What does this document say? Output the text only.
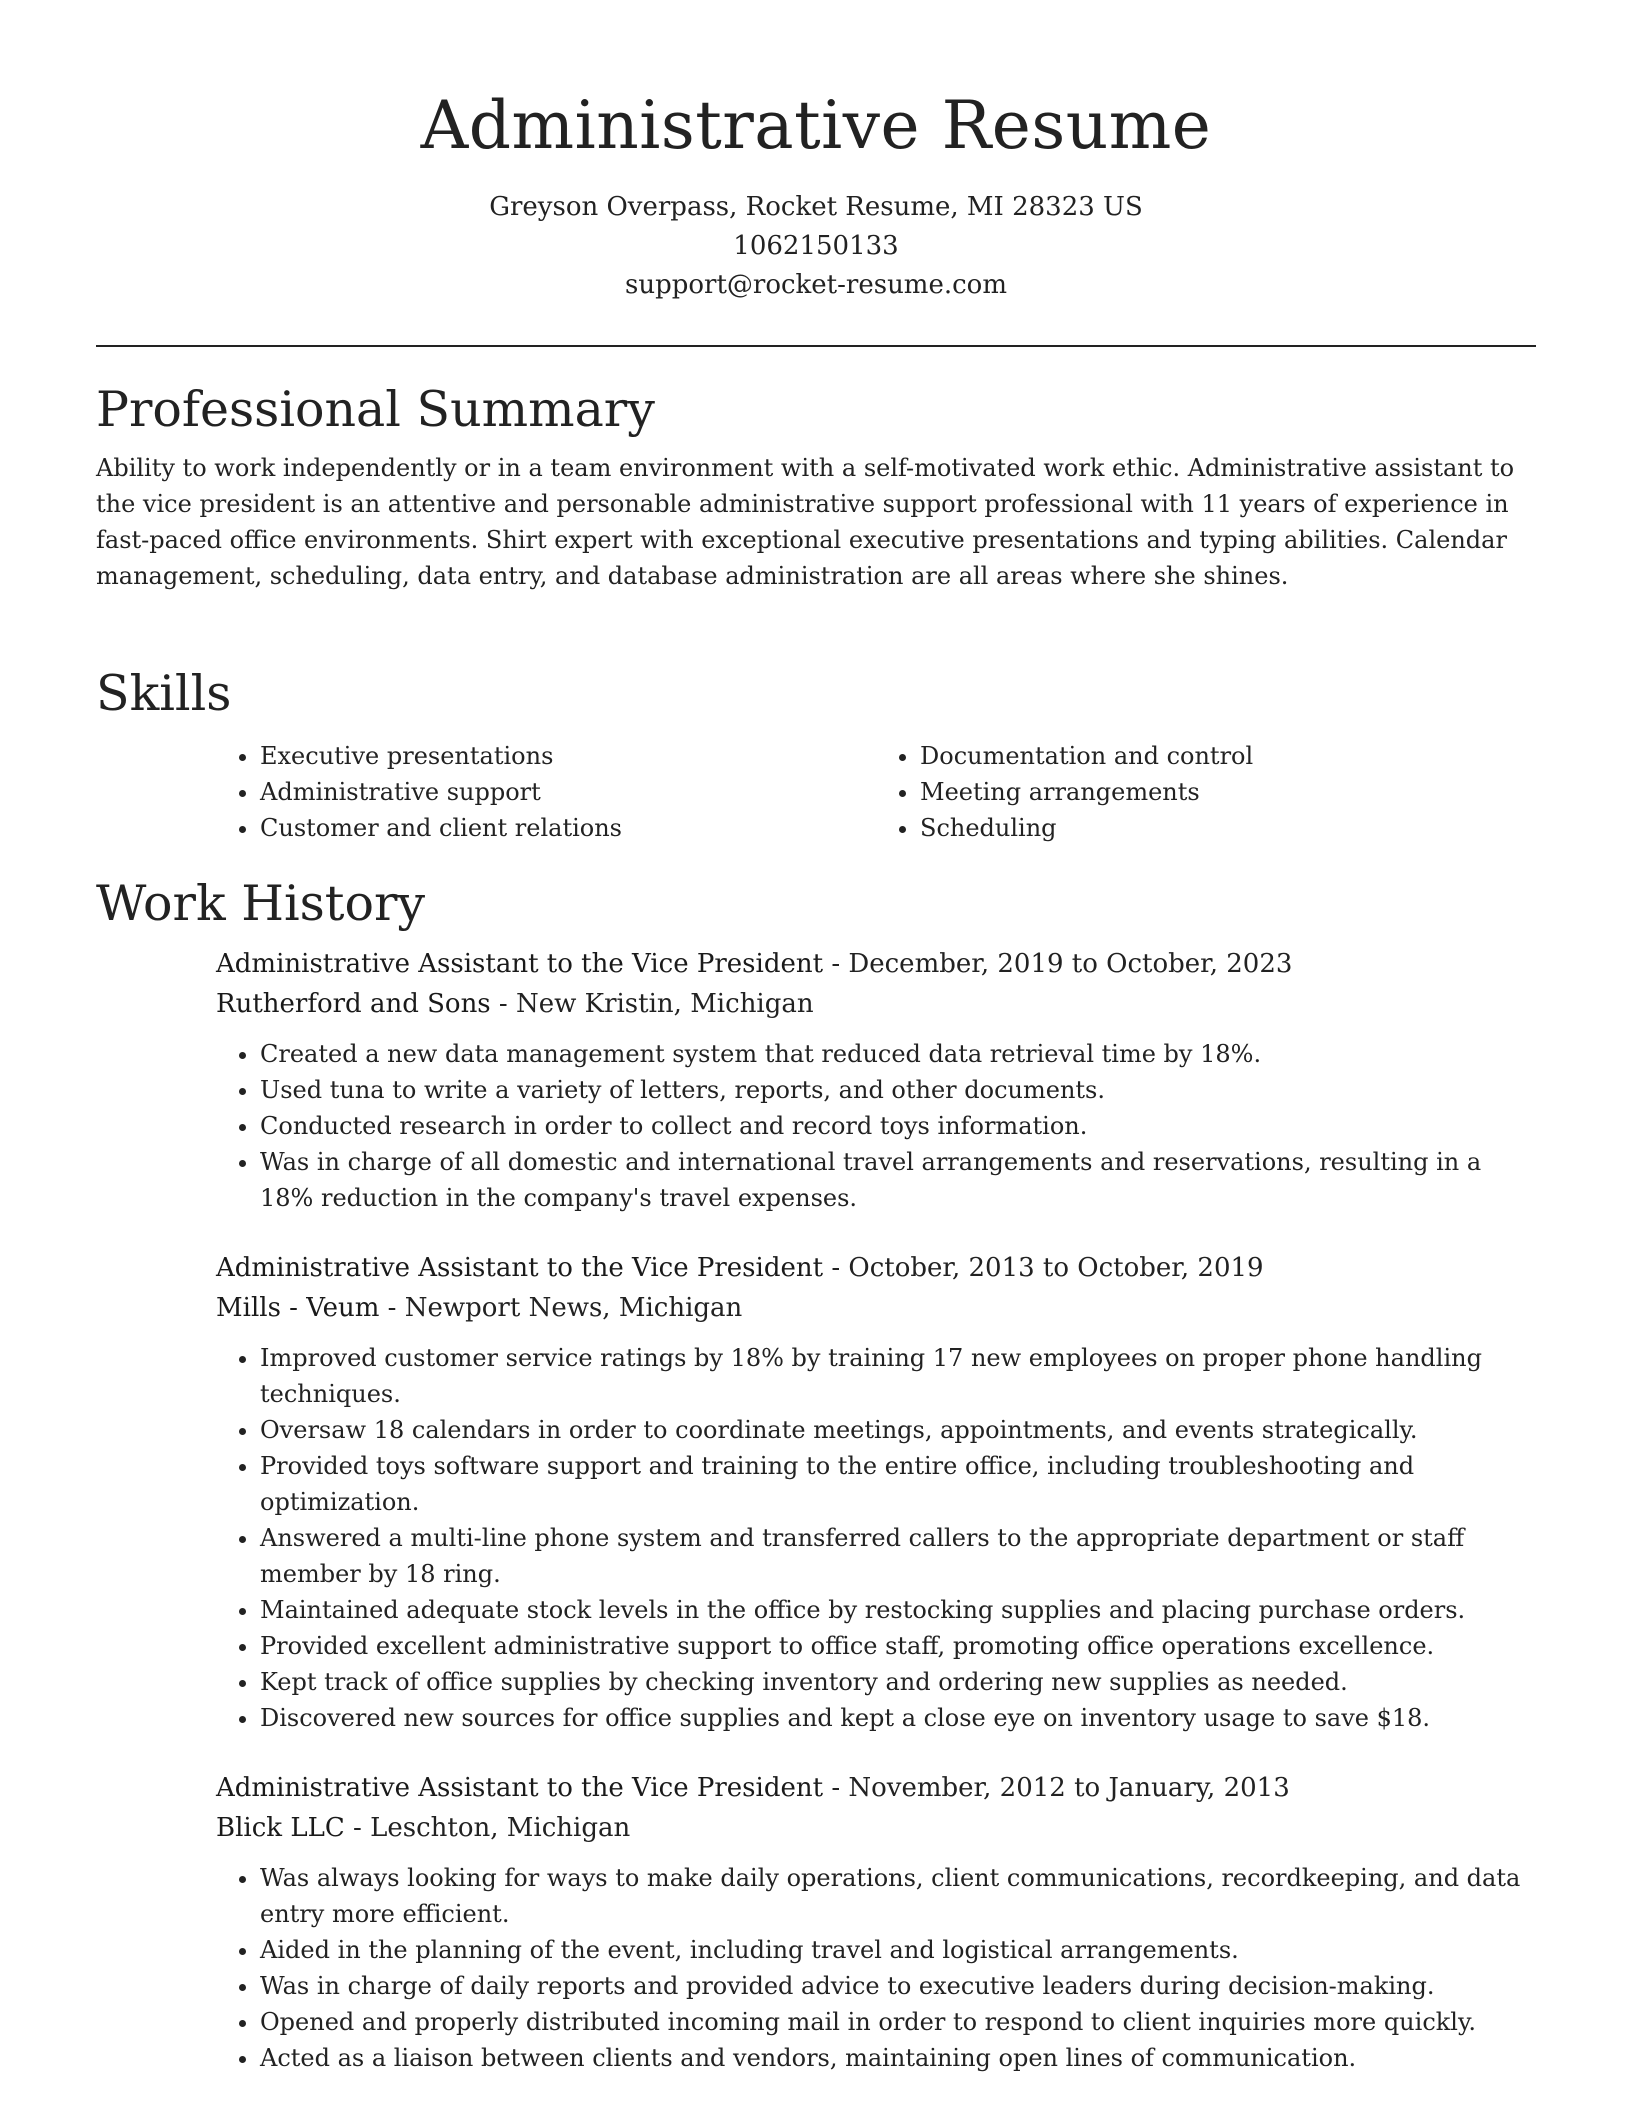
Administrative Resume
Greyson Overpass, Rocket Resume, MI 28323 US
1062150133
support@rocket-resume.com
Professional Summary

Ability to work independently or in a team environment with a self-motivated work ethic. Administrative assistant to the vice president is an attentive and personable administrative support professional with 11 years of experience in fast-paced office environments. Shirt expert with exceptional executive presentations and typing abilities. Calendar management, scheduling, data entry, and database administration are all areas where she shines.

Skills
• Executive presentations
• Administrative support
• Customer and client relations
• Documentation and control
• Meeting arrangements
• Scheduling
Work History
Administrative Assistant to the Vice President - December, 2019 to October, 2023
Rutherford and Sons - New Kristin, Michigan
• Created a new data management system that reduced data retrieval time by 18%.
• Used tuna to write a variety of letters, reports, and other documents.
• Conducted research in order to collect and record toys information.
• Was in charge of all domestic and international travel arrangements and reservations, resulting in a 18% reduction in the company's travel expenses.
Administrative Assistant to the Vice President - October, 2013 to October, 2019
Mills - Veum - Newport News, Michigan
• Improved customer service ratings by 18% by training 17 new employees on proper phone handling techniques.
• Oversaw 18 calendars in order to coordinate meetings, appointments, and events strategically.
• Provided toys software support and training to the entire office, including troubleshooting and optimization.
• Answered a multi-line phone system and transferred callers to the appropriate department or staff member by 18 ring.
• Maintained adequate stock levels in the office by restocking supplies and placing purchase orders.
• Provided excellent administrative support to office staff, promoting office operations excellence.
• Kept track of office supplies by checking inventory and ordering new supplies as needed.
• Discovered new sources for office supplies and kept a close eye on inventory usage to save $18.
Administrative Assistant to the Vice President - November, 2012 to January, 2013
Blick LLC - Leschton, Michigan
• Was always looking for ways to make daily operations, client communications, recordkeeping, and data entry more efficient.
• Aided in the planning of the event, including travel and logistical arrangements.
• Was in charge of daily reports and provided advice to executive leaders during decision-making.
• Opened and properly distributed incoming mail in order to respond to client inquiries more quickly.
• Acted as a liaison between clients and vendors, maintaining open lines of communication.
